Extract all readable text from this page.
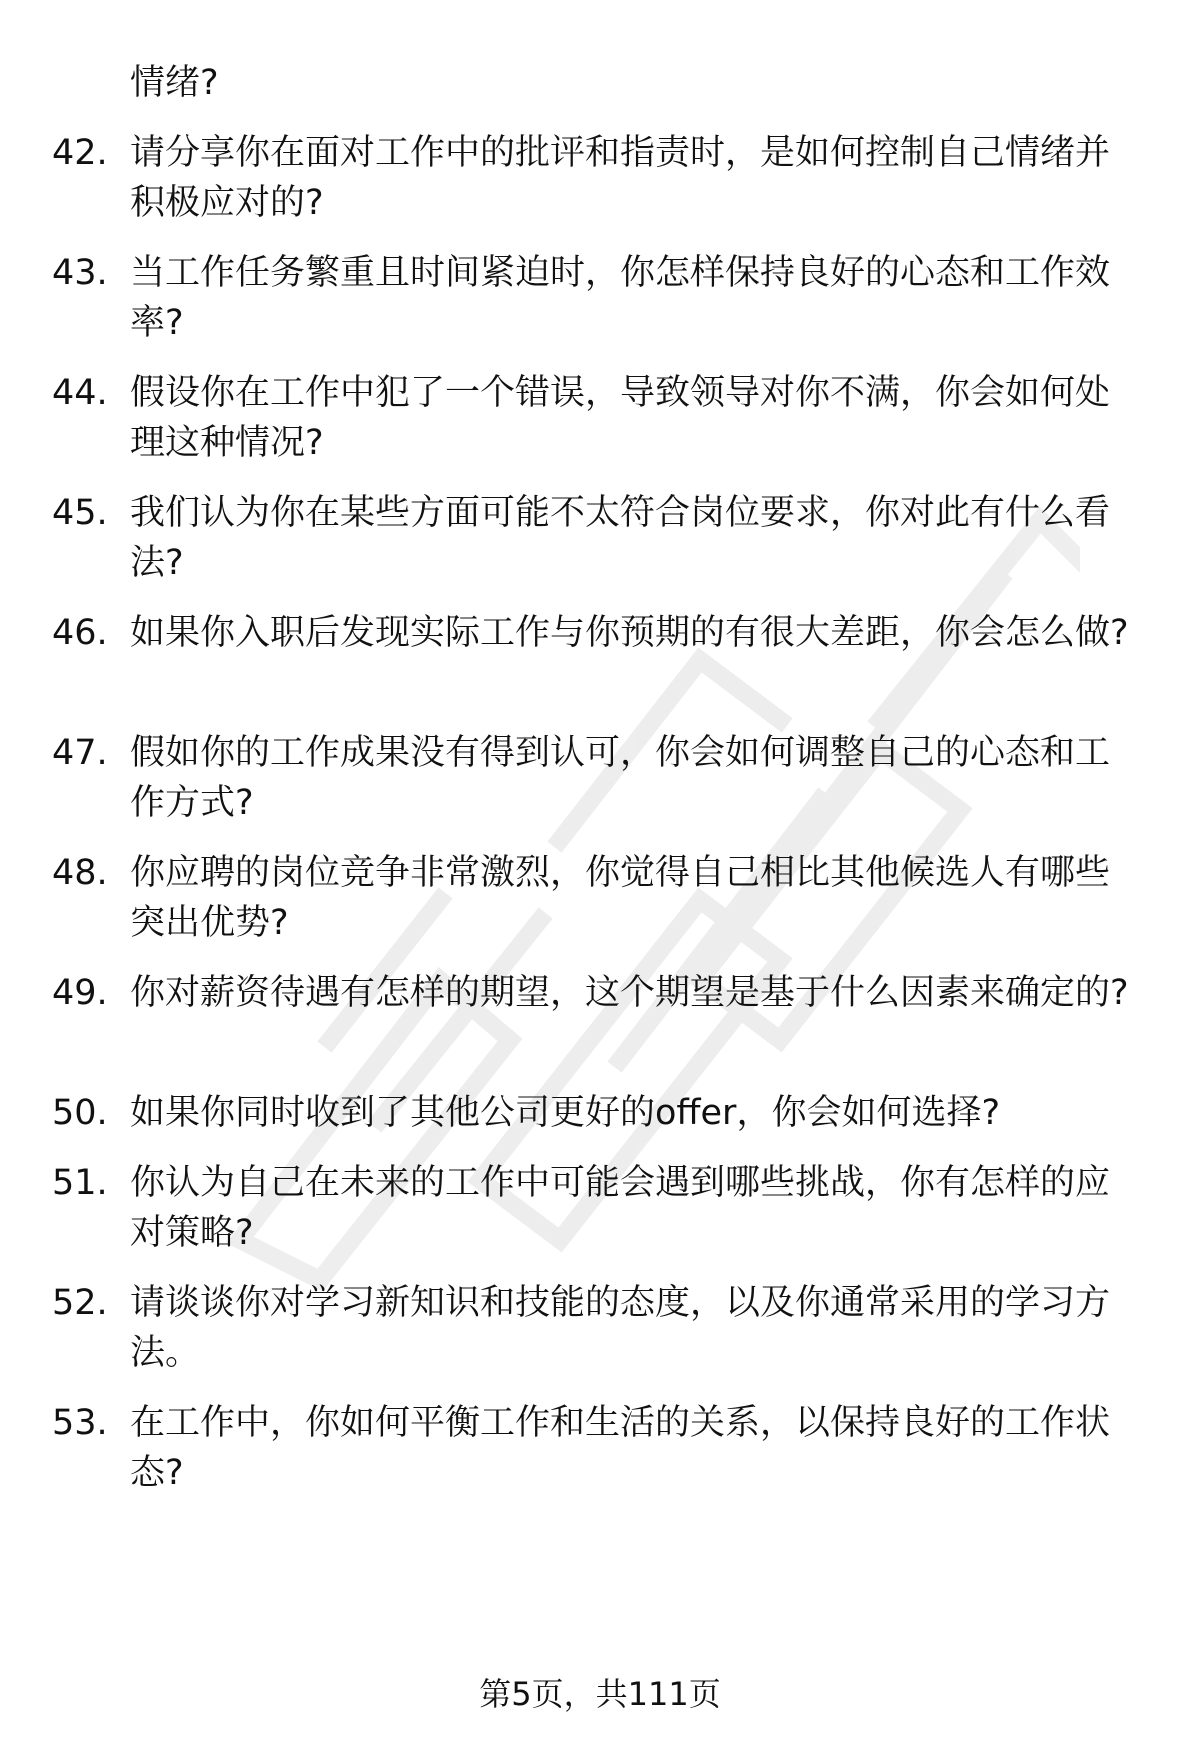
情绪?
42. 请分享你在面对工作中的批评和指责时，是如何控制自己情绪并积极应对的?
43. 当工作任务繁重且时间紧迫时，你怎样保持良好的心态和工作效率?
44. 假设你在工作中犯了一个错误，导致领导对你不满，你会如何处理这种情况?
45. 我们认为你在某些方面可能不太符合岗位要求，你对此有什么看法?
46. 如果你入职后发现实际工作与你预期的有很大差距，你会怎么做?
47. 假如你的工作成果没有得到认可，你会如何调整自己的心态和工作方式?
48. 你应聘的岗位竞争非常激烈，你觉得自己相比其他候选人有哪些突出优势?
49. 你对薪资待遇有怎样的期望，这个期望是基于什么因素来确定的?
50. 如果你同时收到了其他公司更好的offer，你会如何选择?
51. 你认为自己在未来的工作中可能会遇到哪些挑战，你有怎样的应对策略?
52. 请谈谈你对学习新知识和技能的态度，以及你通常采用的学习方法。
53. 在工作中，你如何平衡工作和生活的关系，以保持良好的工作状态?
第5页，共111页
